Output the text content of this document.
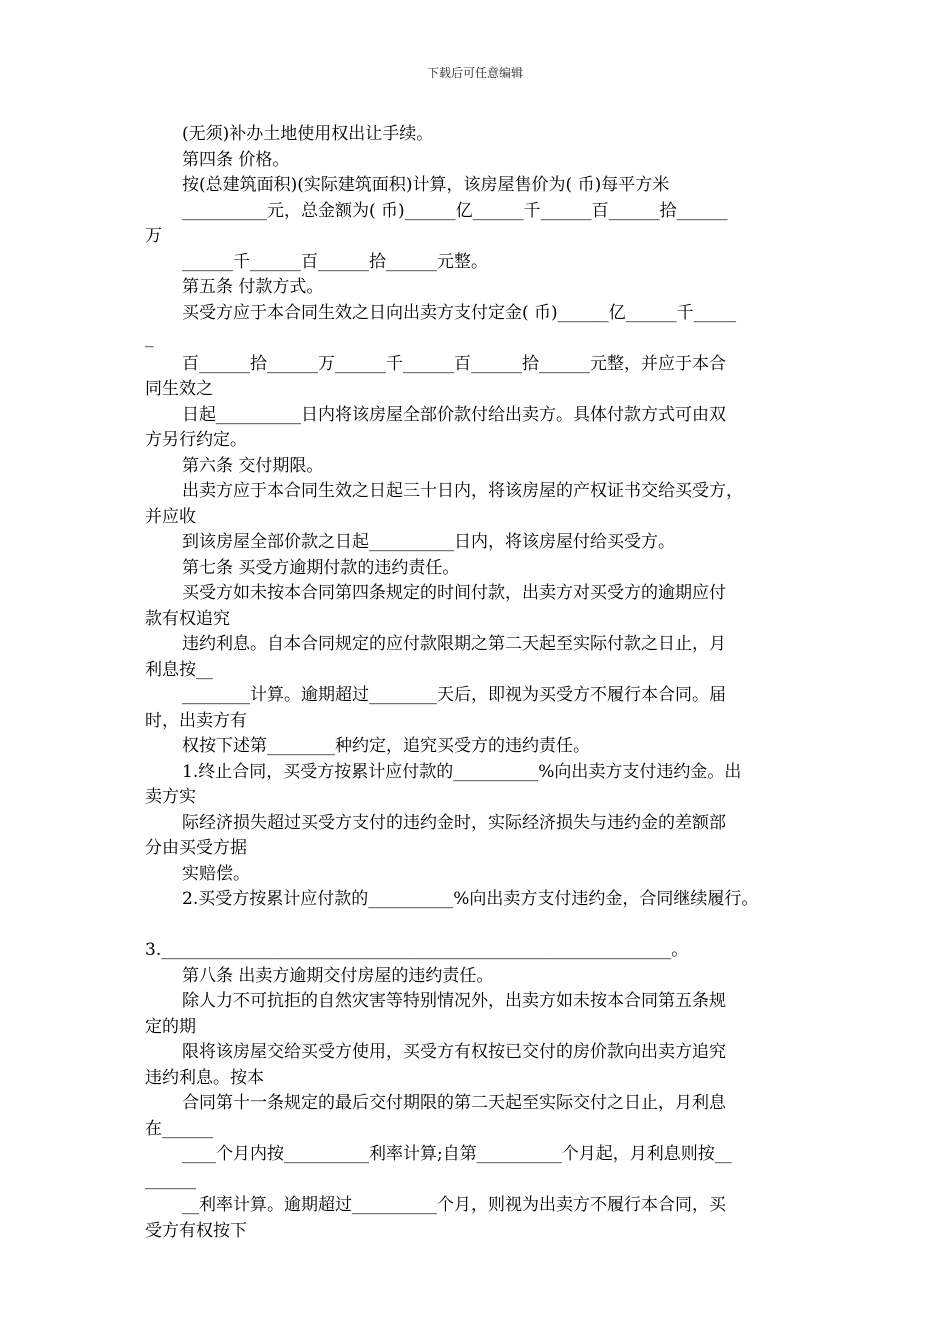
下载后可任意编辑
(无须)补办土地使用权出让手续。
第四条 价格。
按(总建筑面积)(实际建筑面积)计算，该房屋售价为( 币)每平方米
__________元，总金额为( 币)______亿______千______百______拾______
万
______千______百______拾______元整。
第五条 付款方式。
买受方应于本合同生效之日向出卖方支付定金( 币)______亿______千_____
_
百______拾______万______千______百______拾______元整，并应于本合
同生效之
日起__________日内将该房屋全部价款付给出卖方。具体付款方式可由双
方另行约定。
第六条 交付期限。
出卖方应于本合同生效之日起三十日内，将该房屋的产权证书交给买受方，
并应收
到该房屋全部价款之日起__________日内，将该房屋付给买受方。
第七条 买受方逾期付款的违约责任。
买受方如未按本合同第四条规定的时间付款，出卖方对买受方的逾期应付
款有权追究
违约利息。自本合同规定的应付款限期之第二天起至实际付款之日止，月
利息按__
________计算。逾期超过________天后，即视为买受方不履行本合同。届
时，出卖方有
权按下述第________种约定，追究买受方的违约责任。
1.终止合同，买受方按累计应付款的__________%向出卖方支付违约金。出
卖方实
际经济损失超过买受方支付的违约金时，实际经济损失与违约金的差额部
分由买受方据
实赔偿。
2.买受方按累计应付款的__________%向出卖方支付违约金，合同继续履行。
3.____________________________________________________________。
第八条 出卖方逾期交付房屋的违约责任。
除人力不可抗拒的自然灾害等特别情况外，出卖方如未按本合同第五条规
定的期
限将该房屋交给买受方使用，买受方有权按已交付的房价款向出卖方追究
违约利息。按本
合同第十一条规定的最后交付期限的第二天起至实际交付之日止，月利息
在______
____个月内按__________利率计算;自第__________个月起，月利息则按__
______
__利率计算。逾期超过__________个月，则视为出卖方不履行本合同，买
受方有权按下
